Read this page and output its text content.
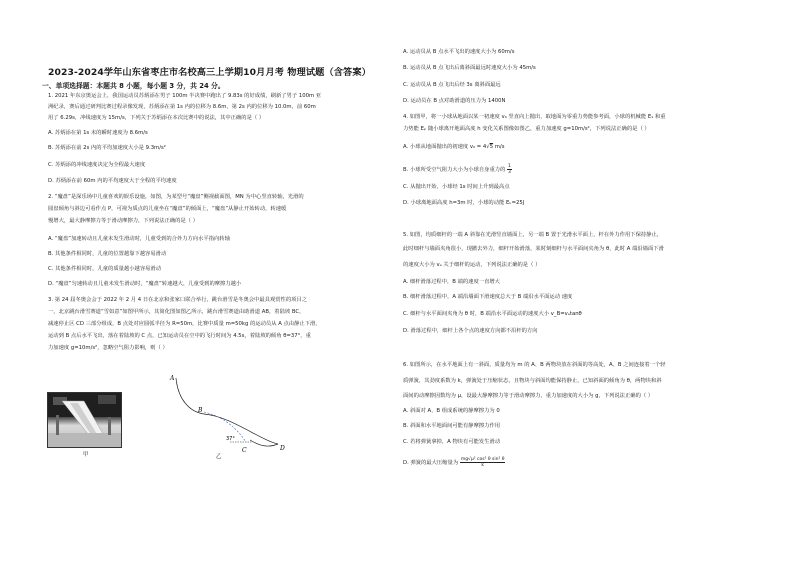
2023-2024学年山东省枣庄市名校高三上学期10月月考 物理试题（含答案）
一、单项选择题：本题共 8 小题，每小题 3 分，共 24 分。
1. 2021 年东京奥运会上，我国运动员苏炳添在男子 100m 半决赛中跑出了 9.83s 的好成绩，刷新了男子 100m 亚
洲纪录，赛后通过研判比赛过程录像发现，苏炳添在第 1s 内的位移为 8.6m，第 2s 内的位移为 10.0m，前 60m
用了 6.29s，冲线速度为 15m/s，下列关于苏炳添在本次比赛中的说法，其中正确的是（ ）
A. 苏炳添在第 1s 末的瞬时速度为 8.6m/s
B. 苏炳添在前 2s 内的平均加速度大小是 9.3m/s²
C. 苏炳添的冲线速度决定为全程最大速度
D. 苏炳添在前 60m 内的平均速度大于全程的平均速度
2. “魔盘”是深乐场中儿童喜欢的娱乐设施，如图，为某型号“魔盘”侧视截面图，MN 为中心竖直转轴，光滑的
圆盘倾角与斜边可看作点 P，可视为质点的儿童坐在“魔盘”的倾面上，“魔盘”从静止开始转动，转速缓
慢增大，最大静摩擦力等于滑动摩擦力，下列说法正确的是（ ）
A. “魔盘”加速转动且儿童未发生滑动时，儿童受到的合外力方向水平指向转轴
B. 其他条件相同时，儿童的位置越靠下越容易滑动
C. 其他条件相同时，儿童的质量越小越容易滑动
D. “魔盘”匀速转动且儿童未发生滑动时，“魔盘”转速越大，儿童受到的摩擦力越小
3. 第 24 届冬奥会会于 2022 年 2 月 4 日在北京和张家口联合举行，跳台滑雪是冬奥会中最具观赏性的项目之
一，北京跳台滑雪赛道“雪如意”如图甲所示，其简化图如图乙所示，跳台滑雪赛道由助滑道 AB，着陆坡 BC，
减速停止区 CD 三部分组成，B 点处对应圆弧半径为 R=50m，比赛中质量 m=50kg 的运动员从 A 点由静止下滑，
运动到 B 点后水平飞出，落在着陆坡的 C 点，已知运动员在空中的飞行时间为 4.5s，着陆坡的倾角 θ=37°，重
力加速度 g=10m/s²，忽略空气阻力影响，则（ ）
甲
A
B
C	D
37°
乙
A. 运动员从 B 点水平飞出的速度大小为 60m/s
B. 运动员从 B 点飞出后离斜面最远时速度大小为 45m/s
C. 运动员从 B 点飞出后经 3s 离斜面最远
D. 运动员在 B 点对助滑道的压力为 1400N
4. 如图甲，将一小球从地面以某一初速度 v₀ 竖直向上抛出，取地面为零重力势能参考面，小球的机械能 E₁ 和重
力势能 Eₚ 随小球离开地面高度 h 变化关系图像如图乙，重力加速度 g=10m/s²，下列说法正确的是（ ）
A. 小球从地面抛出的初速度 v₀ = 4√5 m/s
B. 小球所受空气阻力大小为小球自身重力的 $\frac{1}{3}$
C. 从抛出开始，小球经 1s 时间上升到最高点
D. 小球离地面高度 h=3m 时，小球的动能 Eₖ=25J
5. 如图，均质细杆的一端 A 斜靠在光滑竖直墙面上，另一端 B 置于光滑水平面上，杆在外力作用下保持静止，
此时细杆与墙面夹角很小，现撤去外力，细杆开始滑落，某时刻细杆与水平面间夹角为 θ，此时 A 端沿墙面下滑
的速度大小为 vₐ 关于细杆的运动，下列说法正确的是（ ）
A. 细杆滑落过程中，B 端的速度一直增大
B. 细杆滑落过程中，A 端沿墙面下滑速度总大于 B 端沿水平面运动 速度
C. 细杆与水平面间夹角为 θ 时，B 端沿水平面运动的速度大小 v_B=vₐtanθ
D. 滑落过程中，细杆上各个点的速度方向都不沿杆的方向
6. 如图所示，在水平地面上有一斜面，质量均为 m 的 A、B 两物块放在斜面的等高处，A、B 之间连接着一个轻
质弹簧，其劲度系数为 k，弹簧处于压缩状态，且物块与斜面均能保持静止，已知斜面的倾角为 θ，两物块和斜
面间的动摩擦因数均为 μ，设最大静摩擦力等于滑动摩擦力，重力加速度的大小为 g，下列说法正确的（ ）
A. 斜面对 A、B 组成系统的静摩擦力为 0
B. 斜面和水平地面间可能有静摩擦力作用
C. 若将弹簧拿掉，A 物块有可能发生滑动
D. 弹簧的最大压缩量为 $\frac{\text{mg√μ² cos² θ sin² θ}}{k}$
